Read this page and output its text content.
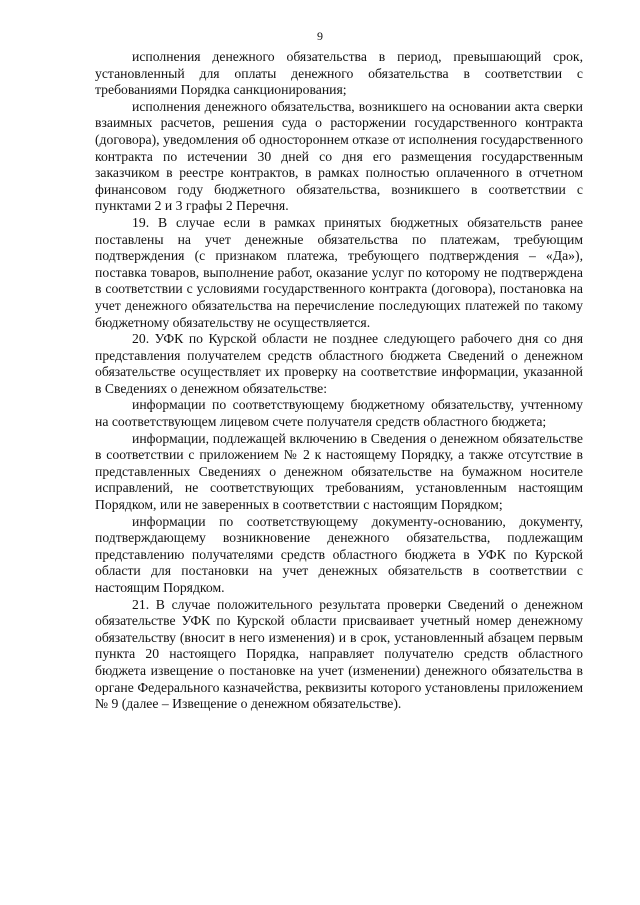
9

исполнения денежного обязательства в период, превышающий срок, установленный для оплаты денежного обязательства в соответствии с требованиями Порядка санкционирования;

исполнения денежного обязательства, возникшего на основании акта сверки взаимных расчетов, решения суда о расторжении государственного контракта (договора), уведомления об одностороннем отказе от исполнения государственного контракта по истечении 30 дней со дня его размещения государственным заказчиком в реестре контрактов, в рамках полностью оплаченного в отчетном финансовом году бюджетного обязательства, возникшего в соответствии с пунктами 2 и 3 графы 2 Перечня.

19. В случае если в рамках принятых бюджетных обязательств ранее поставлены на учет денежные обязательства по платежам, требующим подтверждения (с признаком платежа, требующего подтверждения – «Да»), поставка товаров, выполнение работ, оказание услуг по которому не подтверждена в соответствии с условиями государственного контракта (договора), постановка на учет денежного обязательства на перечисление последующих платежей по такому бюджетному обязательству не осуществляется.

20. УФК по Курской области не позднее следующего рабочего дня со дня представления получателем средств областного бюджета Сведений о денежном обязательстве осуществляет их проверку на соответствие информации, указанной в Сведениях о денежном обязательстве:

информации по соответствующему бюджетному обязательству, учтенному на соответствующем лицевом счете получателя средств областного бюджета;

информации, подлежащей включению в Сведения о денежном обязательстве в соответствии с приложением № 2 к настоящему Порядку, а также отсутствие в представленных Сведениях о денежном обязательстве на бумажном носителе исправлений, не соответствующих требованиям, установленным настоящим Порядком, или не заверенных в соответствии с настоящим Порядком;

информации по соответствующему документу-основанию, документу, подтверждающему возникновение денежного обязательства, подлежащим представлению получателями средств областного бюджета в УФК по Курской области для постановки на учет денежных обязательств в соответствии с настоящим Порядком.

21. В случае положительного результата проверки Сведений о денежном обязательстве УФК по Курской области присваивает учетный номер денежному обязательству (вносит в него изменения) и в срок, установленный абзацем первым пункта 20 настоящего Порядка, направляет получателю средств областного бюджета извещение о постановке на учет (изменении) денежного обязательства в органе Федерального казначейства, реквизиты которого установлены приложением № 9 (далее – Извещение о денежном обязательстве).
